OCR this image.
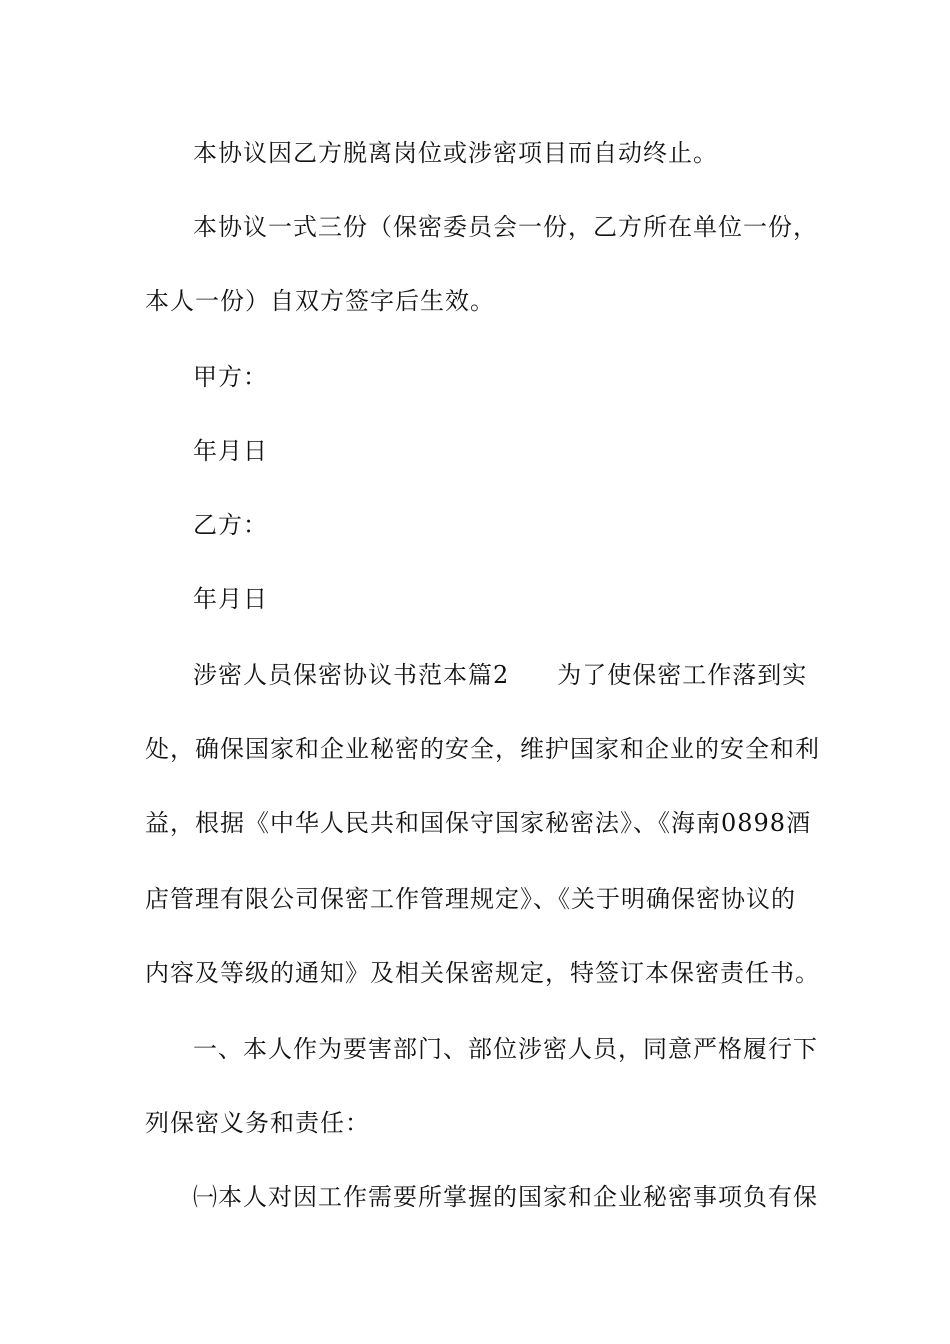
本协议因乙方脱离岗位或涉密项目而自动终止。
本协议一式三份（保密委员会一份，乙方所在单位一份，
本人一份）自双方签字后生效。
甲方：
年月日
乙方：
年月日
涉密人员保密协议书范本篇2 为了使保密工作落到实
处，确保国家和企业秘密的安全，维护国家和企业的安全和利
益，根据《中华人民共和国保守国家秘密法》、《海南0898酒
店管理有限公司保密工作管理规定》、《关于明确保密协议的
内容及等级的通知》及相关保密规定，特签订本保密责任书。
一、本人作为要害部门、部位涉密人员，同意严格履行下
列保密义务和责任：
㈠本人对因工作需要所掌握的国家和企业秘密事项负有保
